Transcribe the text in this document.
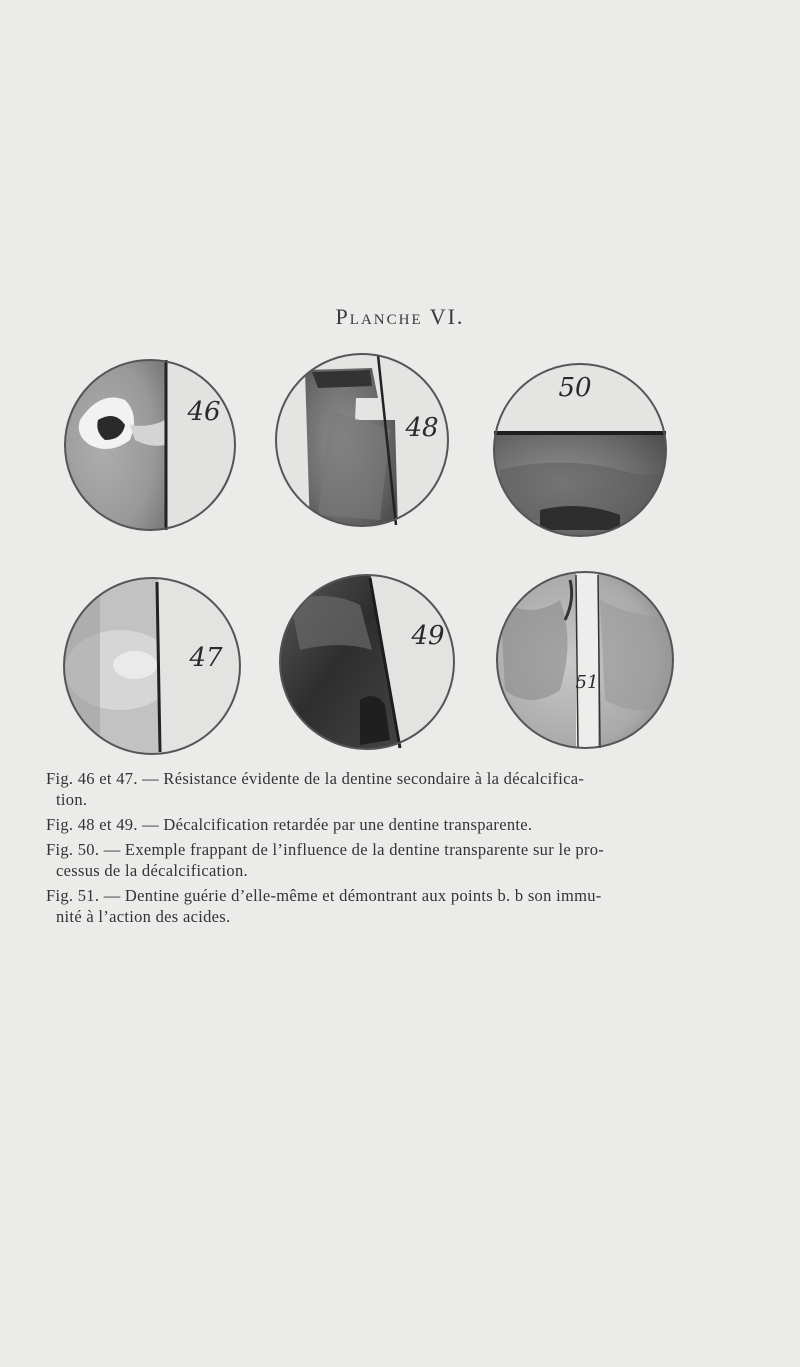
Planche VI.
46
48
50
47
49
51

Fig. 46 et 47. — Résistance évidente de la dentine secondaire à la décalcifica-

tion.

Fig. 48 et 49. — Décalcification retardée par une dentine transparente.

Fig. 50. — Exemple frappant de l’influence de la dentine transparente sur le pro-

cessus de la décalcification.

Fig. 51. — Dentine guérie d’elle-même et démontrant aux points b. b son immu-

nité à l’action des acides.
